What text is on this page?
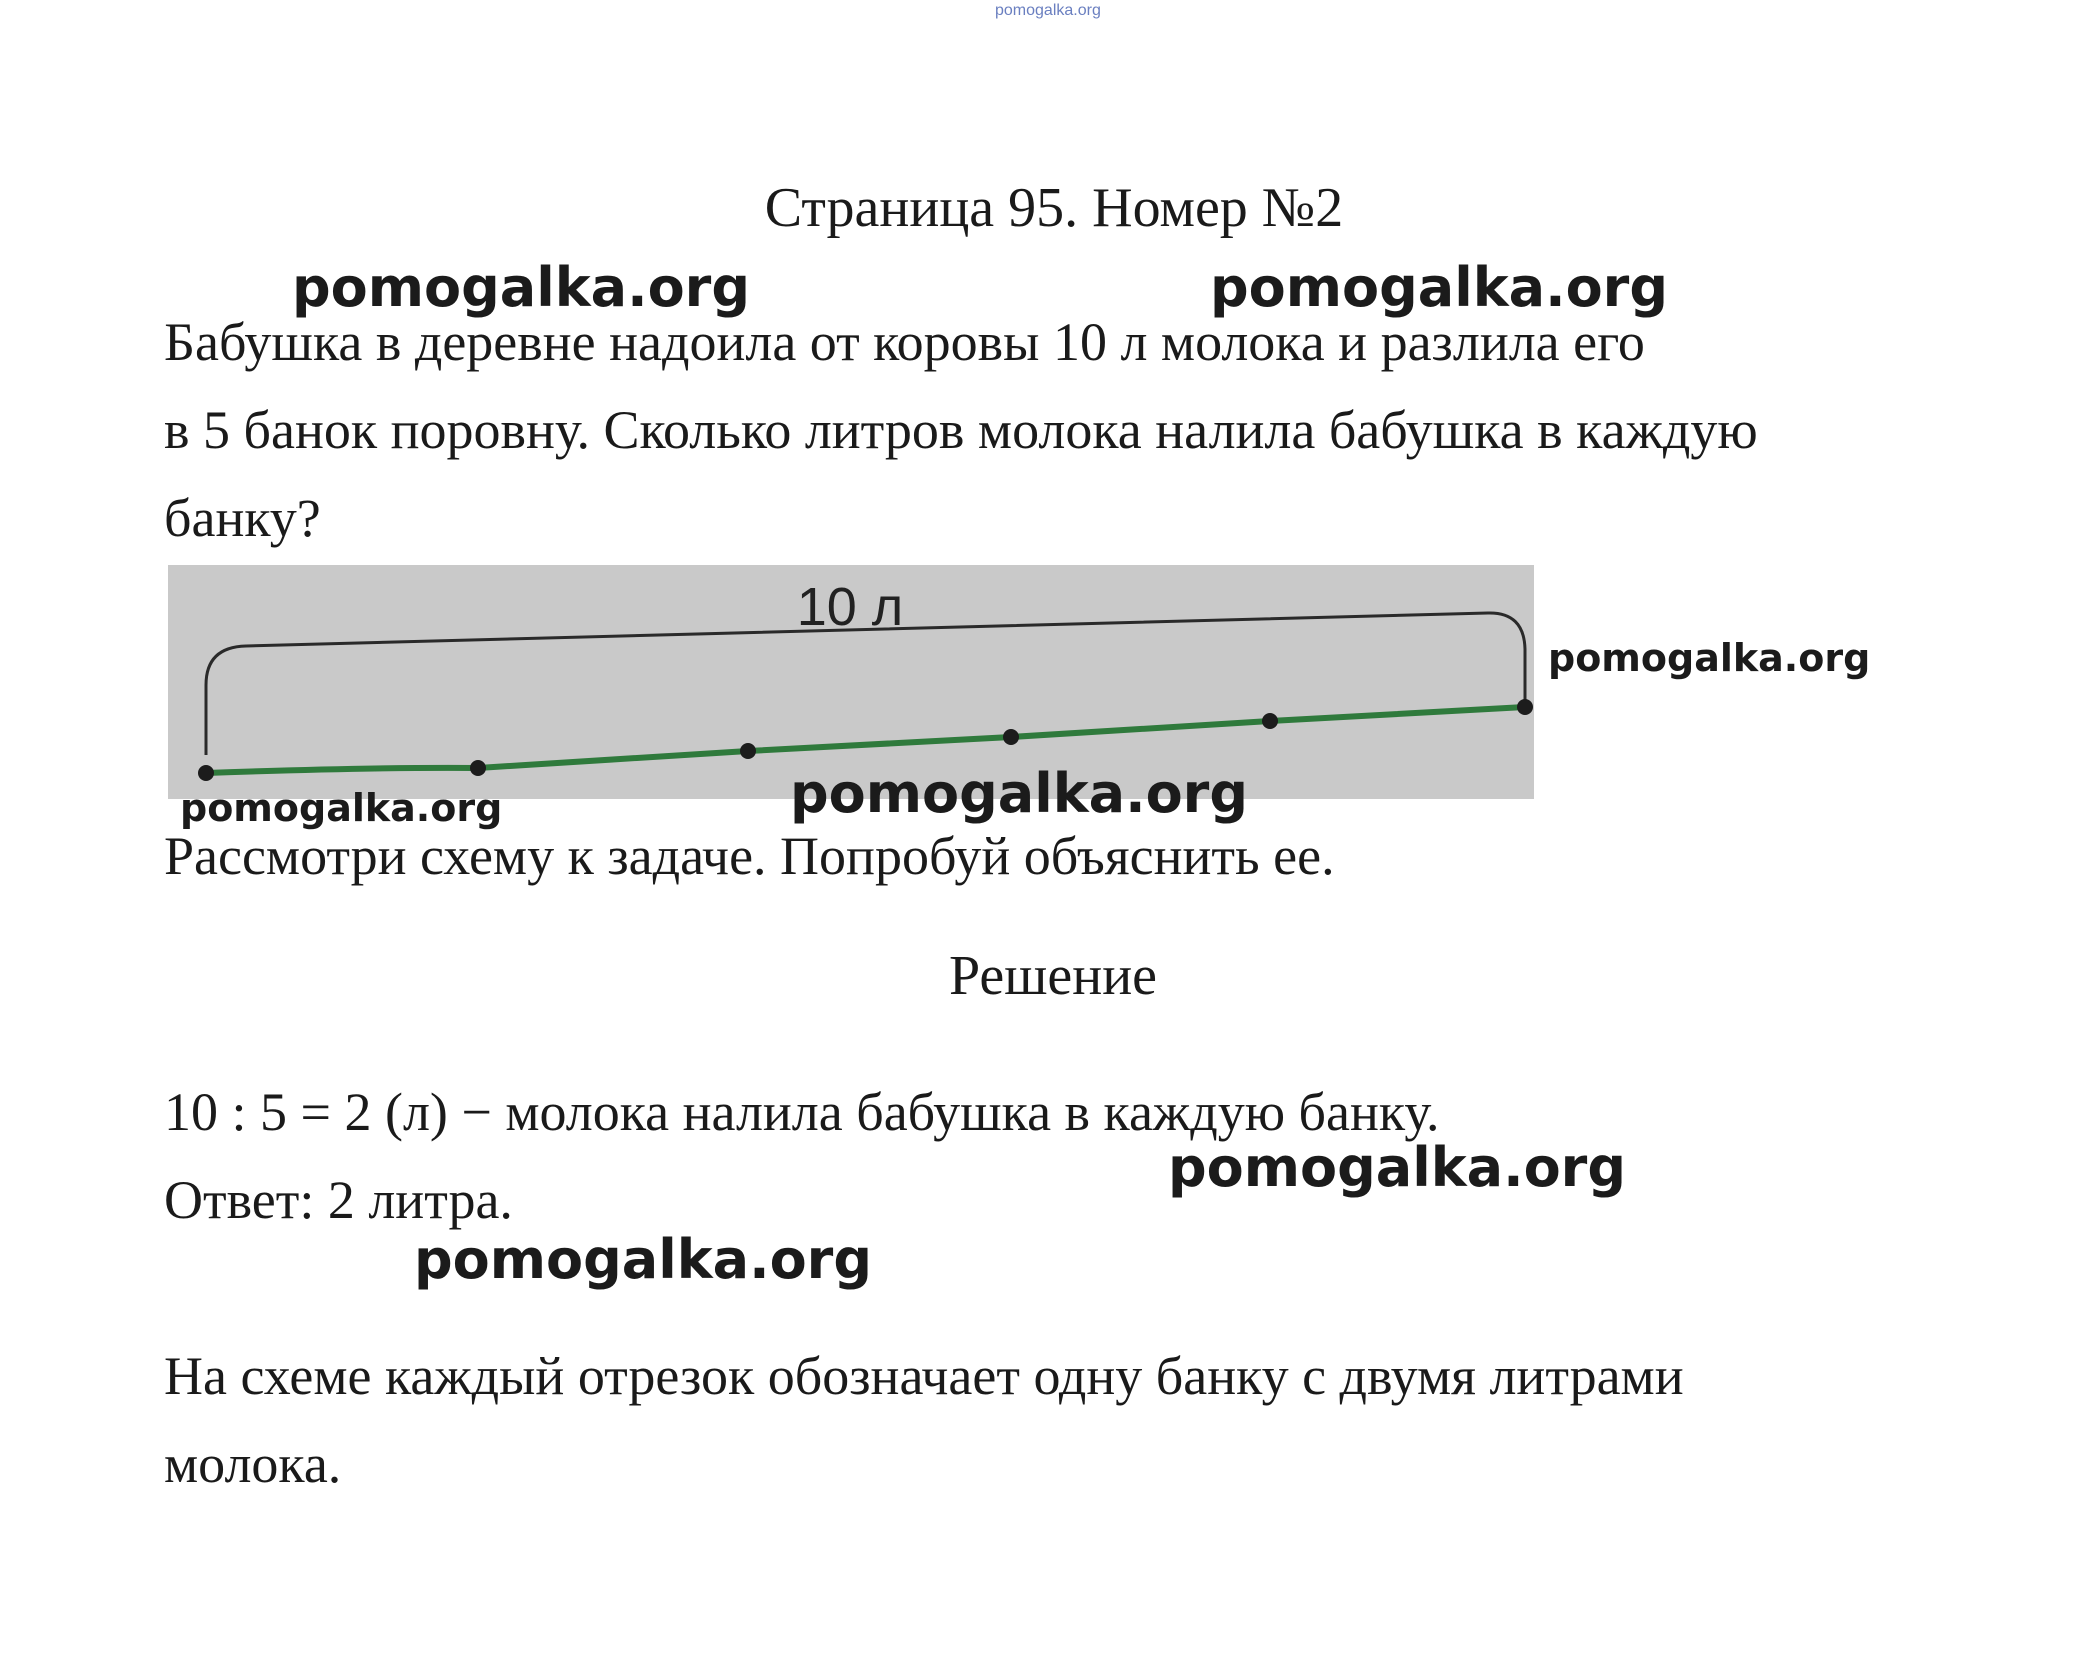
pomogalka.org
Страница 95. Номер №2
Бабушка в деревне надоила от коровы 10 л молока и разлила его
в 5 банок поровну. Сколько литров молока налила бабушка в каждую
банку?
10 л
Рассмотри схему к задаче. Попробуй объяснить ее.
Решение
10 : 5 = 2 (л) − молока налила бабушка в каждую банку.
Ответ: 2 литра.
На схеме каждый отрезок обозначает одну банку с двумя литрами
молока.
pomogalka.org	pomogalka.org
pomogalka.org
pomogalka.org	pomogalka.org
pomogalka.org
pomogalka.org
